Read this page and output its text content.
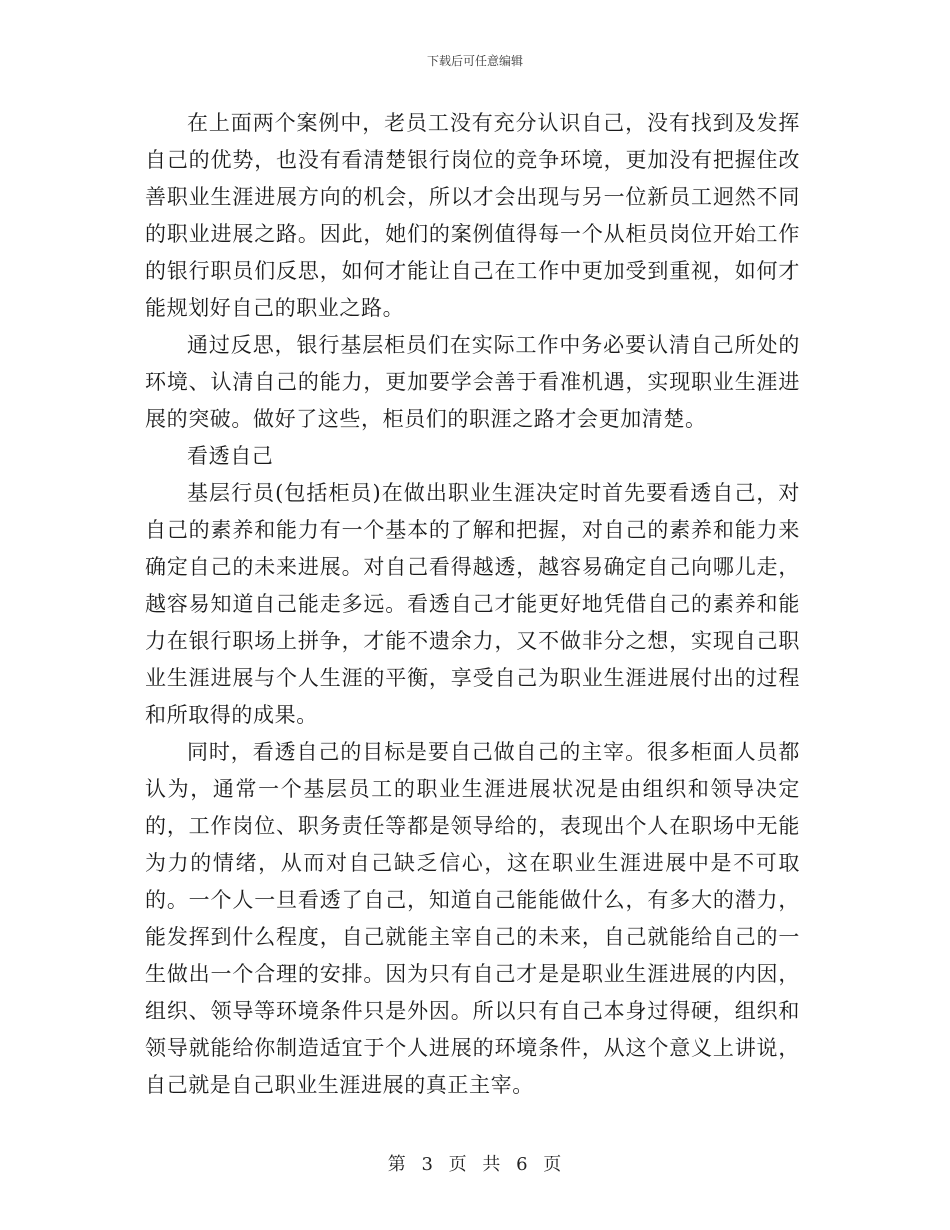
下载后可任意编辑

在上面两个案例中，老员工没有充分认识自己，没有找到及发挥自己的优势，也没有看清楚银行岗位的竞争环境，更加没有把握住改善职业生涯进展方向的机会，所以才会出现与另一位新员工迥然不同的职业进展之路。因此，她们的案例值得每一个从柜员岗位开始工作的银行职员们反思，如何才能让自己在工作中更加受到重视，如何才能规划好自己的职业之路。

通过反思，银行基层柜员们在实际工作中务必要认清自己所处的环境、认清自己的能力，更加要学会善于看准机遇，实现职业生涯进展的突破。做好了这些，柜员们的职涯之路才会更加清楚。

看透自己

基层行员(包括柜员)在做出职业生涯决定时首先要看透自己，对自己的素养和能力有一个基本的了解和把握，对自己的素养和能力来确定自己的未来进展。对自己看得越透，越容易确定自己向哪儿走，越容易知道自己能走多远。看透自己才能更好地凭借自己的素养和能力在银行职场上拼争，才能不遗余力，又不做非分之想，实现自己职业生涯进展与个人生涯的平衡，享受自己为职业生涯进展付出的过程和所取得的成果。

同时，看透自己的目标是要自己做自己的主宰。很多柜面人员都认为，通常一个基层员工的职业生涯进展状况是由组织和领导决定的，工作岗位、职务责任等都是领导给的，表现出个人在职场中无能为力的情绪，从而对自己缺乏信心，这在职业生涯进展中是不可取的。一个人一旦看透了自己，知道自己能能做什么，有多大的潜力，能发挥到什么程度，自己就能主宰自己的未来，自己就能给自己的一生做出一个合理的安排。因为只有自己才是是职业生涯进展的内因，组织、领导等环境条件只是外因。所以只有自己本身过得硬，组织和领导就能给你制造适宜于个人进展的环境条件，从这个意义上讲说，自己就是自己职业生涯进展的真正主宰。

第 3 页 共 6 页
